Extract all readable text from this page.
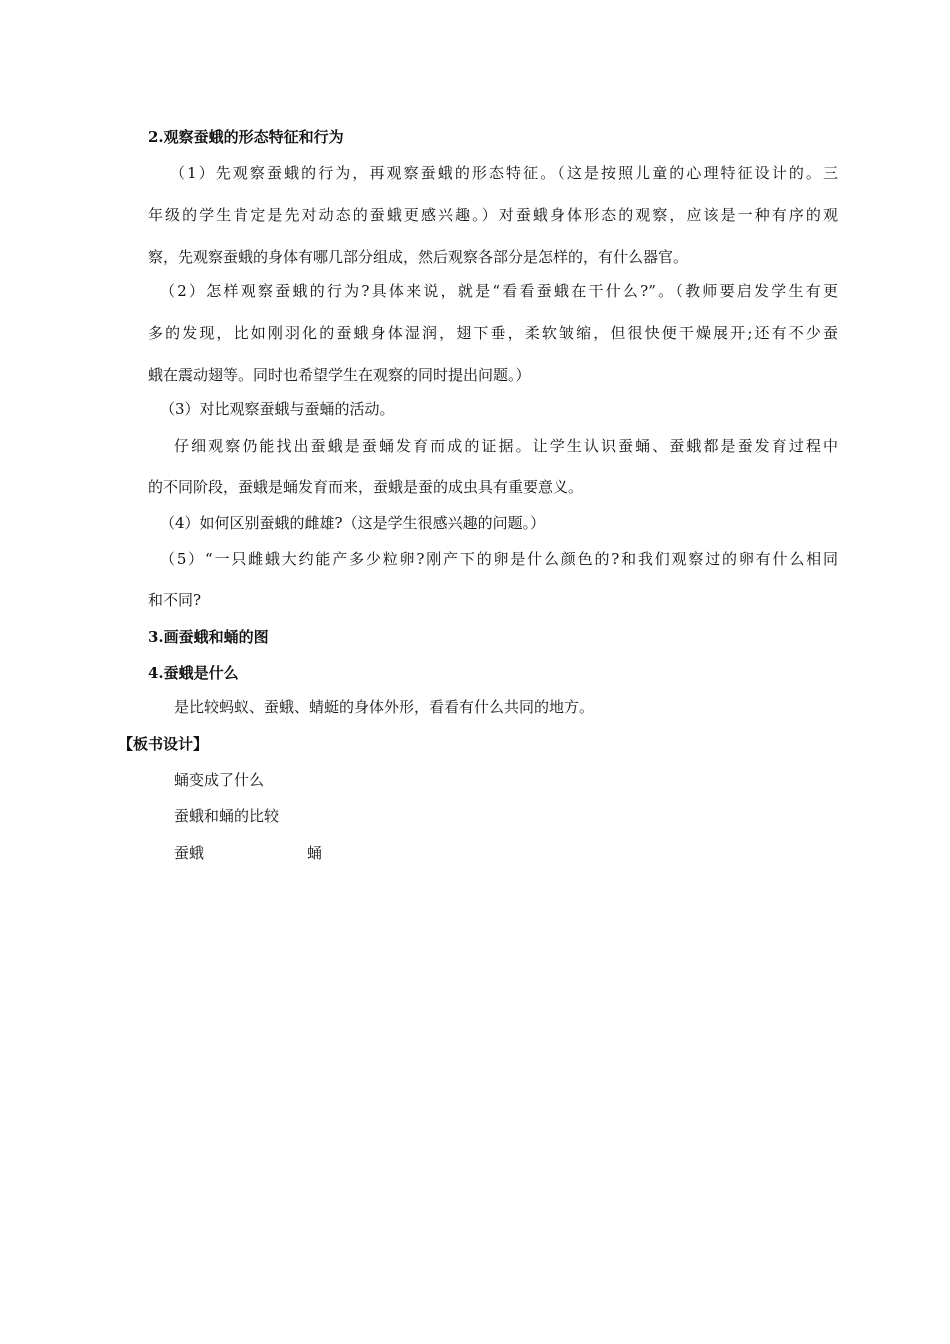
2.观察蚕蛾的形态特征和行为
（1）先观察蚕蛾的行为，再观察蚕蛾的形态特征。（这是按照儿童的心理特征设计的。三
年级的学生肯定是先对动态的蚕蛾更感兴趣。）对蚕蛾身体形态的观察，应该是一种有序的观
察，先观察蚕蛾的身体有哪几部分组成，然后观察各部分是怎样的，有什么器官。
（2）怎样观察蚕蛾的行为?具体来说，就是“看看蚕蛾在干什么?”。（教师要启发学生有更
多的发现，比如刚羽化的蚕蛾身体湿润，翅下垂，柔软皱缩，但很快便干燥展开;还有不少蚕
蛾在震动翅等。同时也希望学生在观察的同时提出问题。）
（3）对比观察蚕蛾与蚕蛹的活动。
仔细观察仍能找出蚕蛾是蚕蛹发育而成的证据。让学生认识蚕蛹、蚕蛾都是蚕发育过程中
的不同阶段，蚕蛾是蛹发育而来，蚕蛾是蚕的成虫具有重要意义。
（4）如何区别蚕蛾的雌雄?（这是学生很感兴趣的问题。）
（5）“一只雌蛾大约能产多少粒卵?刚产下的卵是什么颜色的?和我们观察过的卵有什么相同
和不同?
3.画蚕蛾和蛹的图
4.蚕蛾是什么
是比较蚂蚁、蚕蛾、蜻蜓的身体外形，看看有什么共同的地方。
【板书设计】
蛹变成了什么
蚕蛾和蛹的比较
蚕蛾	蛹
